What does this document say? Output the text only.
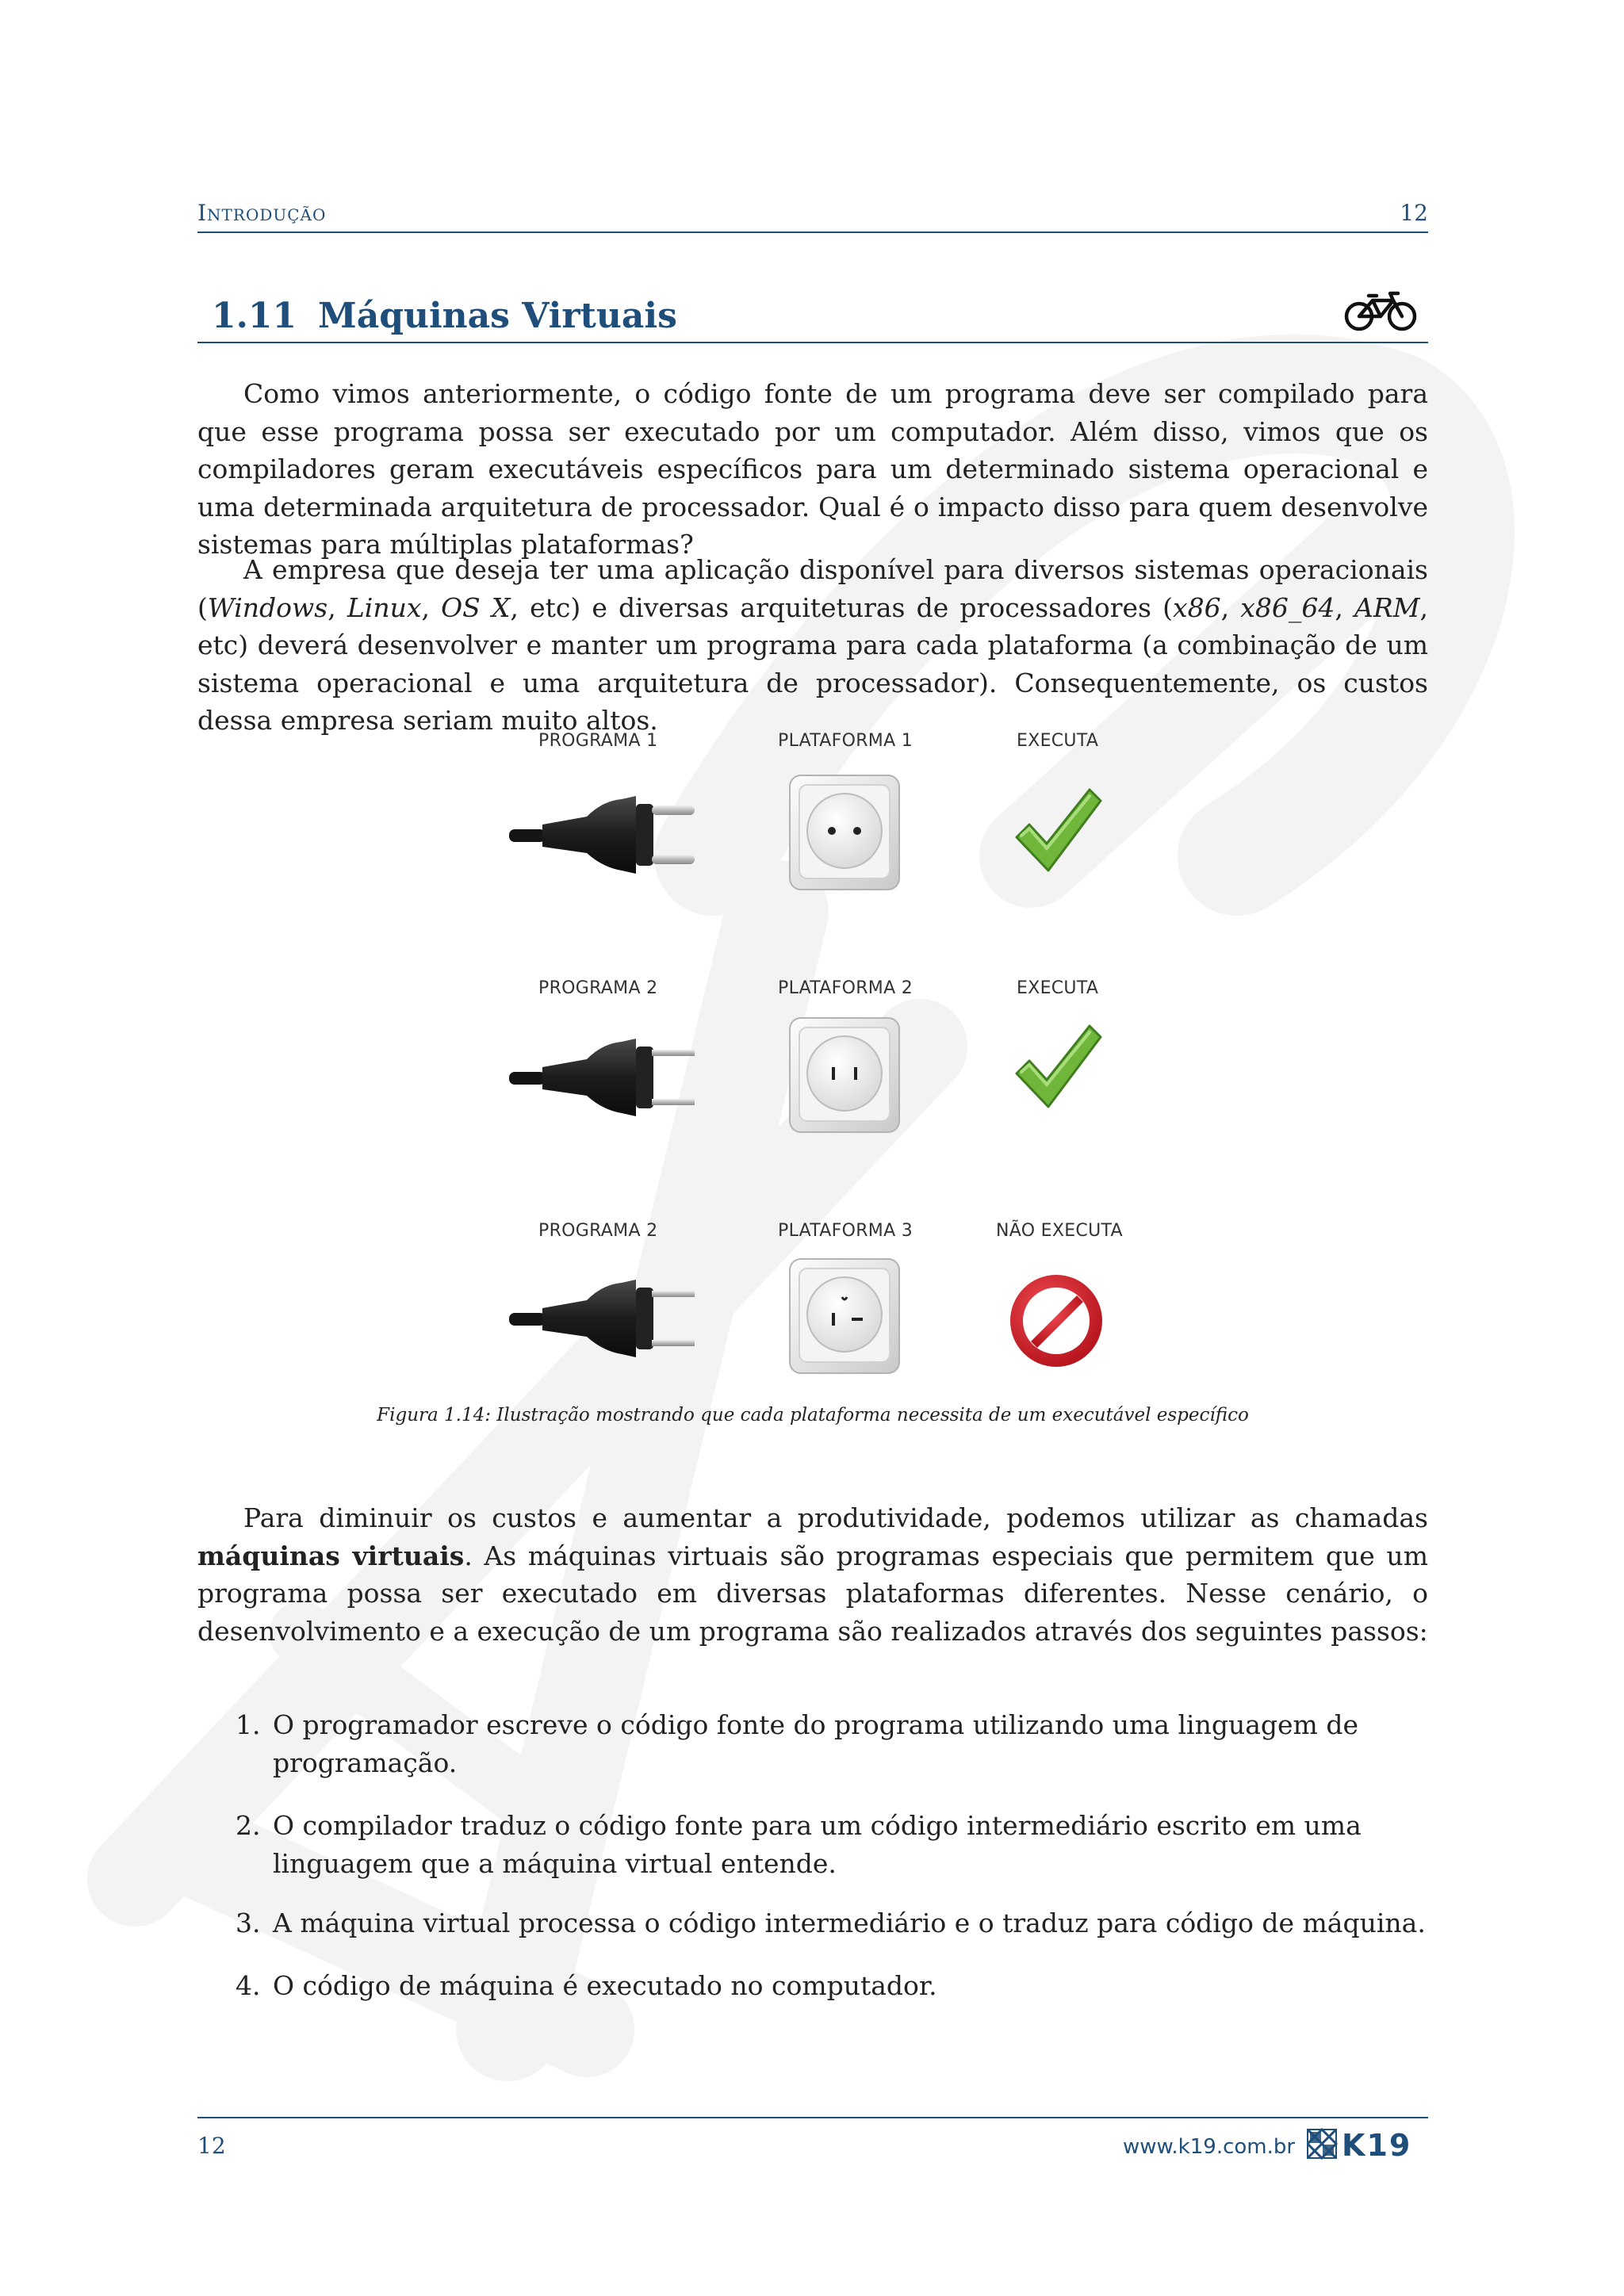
Introdução	12
1.11 Máquinas Virtuais

Como vimos anteriormente, o código fonte de um programa deve ser compilado para que esse programa possa ser executado por um computador. Além disso, vimos que os compiladores geram executáveis específicos para um determinado sistema operacional e uma determinada arquitetura de processador. Qual é o impacto disso para quem desenvolve sistemas para múltiplas plataformas?

A empresa que deseja ter uma aplicação disponível para diversos sistemas operacionais (Windows, Linux, OS X, etc) e diversas arquiteturas de processadores (x86, x86_64, ARM, etc) deverá desenvolver e manter um programa para cada plataforma (a combinação de um sistema operacional e uma arquitetura de processador). Consequentemente, os custos dessa empresa seriam muito altos.

PROGRAMA 1	PLATAFORMA 1	EXECUTA
PROGRAMA 2	PLATAFORMA 2	EXECUTA
PROGRAMA 2	PLATAFORMA 3	NÃO EXECUTA
Figura 1.14: Ilustração mostrando que cada plataforma necessita de um executável específico

Para diminuir os custos e aumentar a produtividade, podemos utilizar as chamadas máquinas virtuais. As máquinas virtuais são programas especiais que permitem que um programa possa ser executado em diversas plataformas diferentes. Nesse cenário, o desenvolvimento e a execução de um programa são realizados através dos seguintes passos:

1. O programador escreve o código fonte do programa utilizando uma linguagem de programação.
2. O compilador traduz o código fonte para um código intermediário escrito em uma linguagem que a máquina virtual entende.
3. A máquina virtual processa o código intermediário e o traduz para código de máquina.
4. O código de máquina é executado no computador.
12	www.k19.com.br K19
